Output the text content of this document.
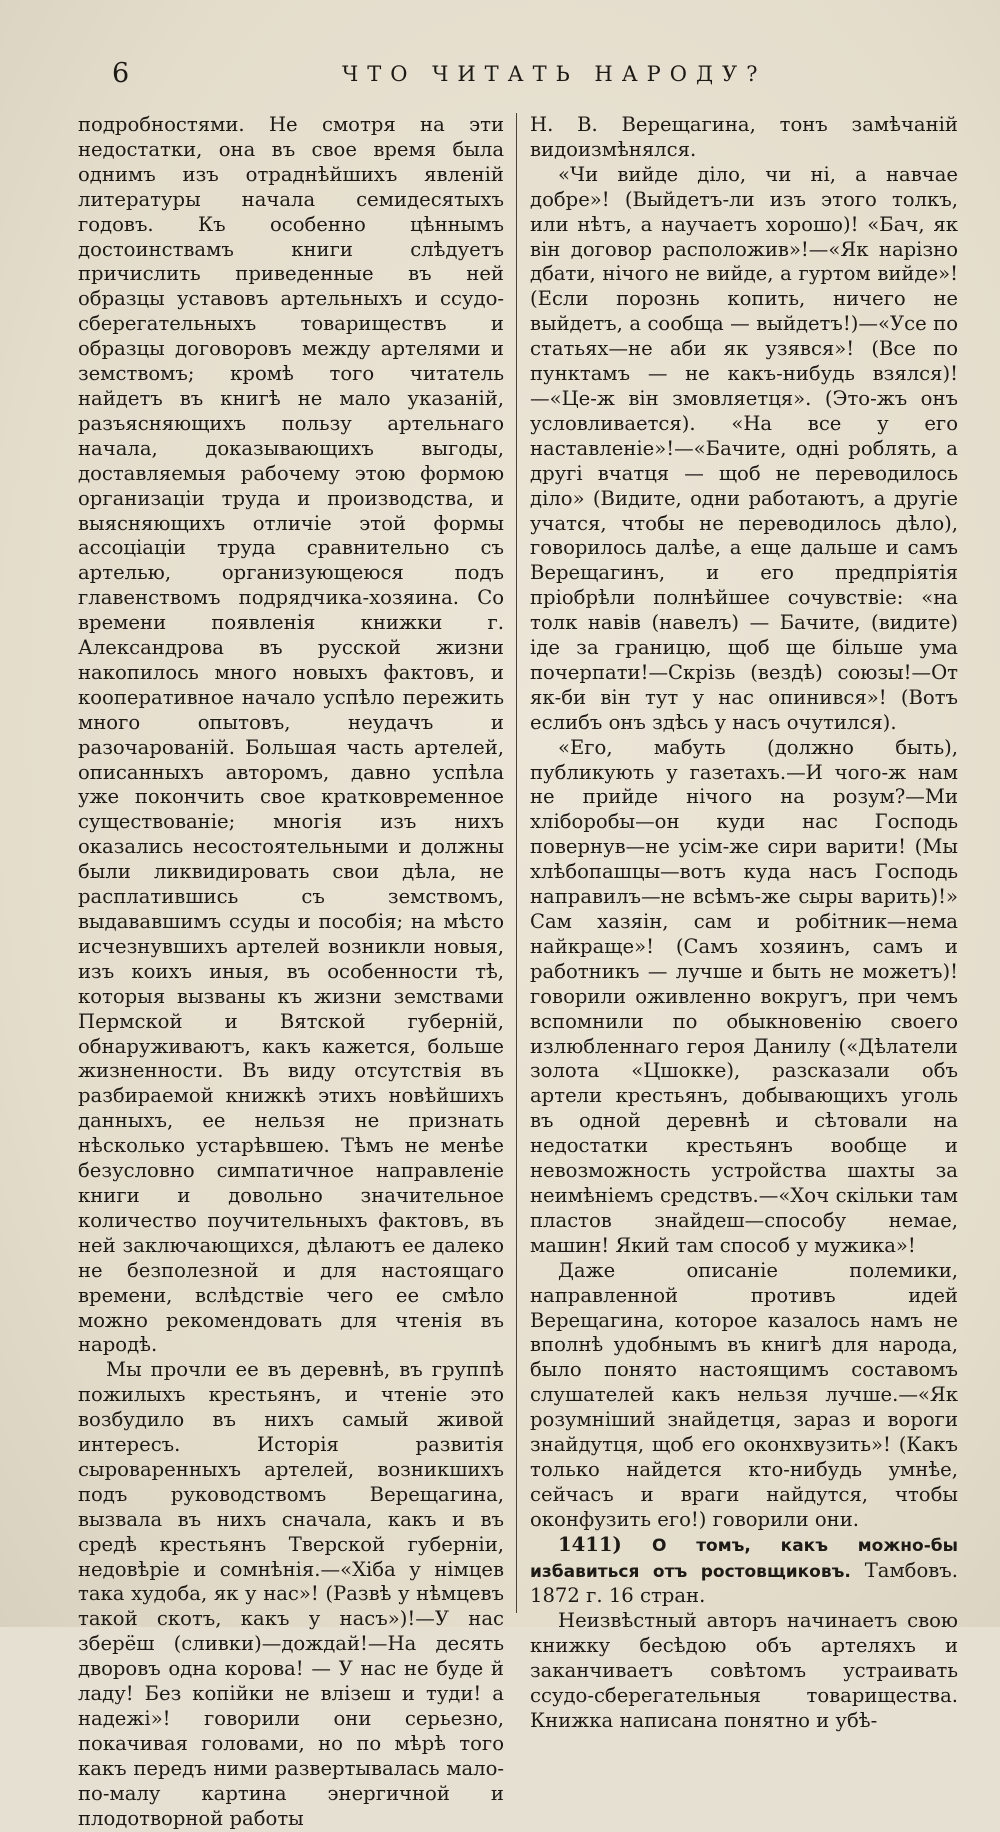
6	ЧТО ЧИТАТЬ НАРОДУ?

подробностями. Не смотря на эти недостатки, она въ свое время была однимъ изъ отраднѣйшихъ явленій литературы начала семидесятыхъ годовъ. Къ особенно цѣннымъ достоинствамъ книги слѣдуетъ причислить приведенные въ ней образцы уставовъ артельныхъ и ссудо-сберегательныхъ товариществъ и образцы договоровъ между артелями и земствомъ; кромѣ того читатель найдетъ въ книгѣ не мало указаній, разъясняющихъ пользу артельнаго начала, доказывающихъ выгоды, доставляемыя рабочему этою формою организаціи труда и производства, и выясняющихъ отличіе этой формы ассоціаціи труда сравнительно съ артелью, организующеюся подъ главенствомъ подрядчика-хозяина. Со времени появленія книжки г. Александрова въ русской жизни накопилось много новыхъ фактовъ, и кооперативное начало успѣло пережить много опытовъ, неудачъ и разочарованій. Большая часть артелей, описанныхъ авторомъ, давно успѣла уже покончить свое кратковременное существованіе; многія изъ нихъ оказались несостоятельными и должны были ликвидировать свои дѣла, не расплатившись съ земствомъ, выдававшимъ ссуды и пособія; на мѣсто исчезнувшихъ артелей возникли новыя, изъ коихъ иныя, въ особенности тѣ, которыя вызваны къ жизни земствами Пермской и Вятской губерній, обнаруживаютъ, какъ кажется, больше жизненности. Въ виду отсутствія въ разбираемой книжкѣ этихъ новѣйшихъ данныхъ, ее нельзя не признать нѣсколько устарѣвшею. Тѣмъ не менѣе безусловно симпатичное направленіе книги и довольно значительное количество поучительныхъ фактовъ, въ ней заключающихся, дѣлаютъ ее далеко не безполезной и для настоящаго времени, вслѣдствіе чего ее смѣло можно рекомендовать для чтенія въ народѣ.

Мы прочли ее въ деревнѣ, въ группѣ пожилыхъ крестьянъ, и чтеніе это возбудило въ нихъ самый живой интересъ. Исторія развитія сыроваренныхъ артелей, возникшихъ подъ руководствомъ Верещагина, вызвала въ нихъ сначала, какъ и въ средѣ крестьянъ Тверской губерніи, недовѣріе и сомнѣнія.—«Хіба у німцев така худоба, як у нас»! (Развѣ у нѣмцевъ такой скотъ, какъ у насъ»)!—У нас зберёш (сливки)—дождай!—На десять дворовъ одна корова! — У нас не буде й ладу! Без копійки не влізеш и туди! а надежі»! говорили они серьезно, покачивая головами, но по мѣрѣ того какъ передъ ними развертывалась мало-по-малу картина энергичной и плодотворной работы

Н. В. Верещагина, тонъ замѣчаній видоизмѣнялся.

«Чи вийде діло, чи ні, а навчае добре»! (Выйдетъ-ли изъ этого толкъ, или нѣтъ, а научаетъ хорошо)! «Бач, як він договор расположив»!—«Як нарізно дбати, нічого не вийде, а гуртом вийде»! (Если порознь копить, ничего не выйдетъ, а сообща — выйдетъ!)—«Усе по статьях—не аби як узявся»! (Все по пунктамъ — не какъ-нибудь взялся)!—«Це-ж він змовляетця». (Это-жъ онъ условливается). «На все у его наставленіе»!—«Бачите, одні роблять, а другі вчатця — щоб не переводилось діло» (Видите, одни работаютъ, а другіе учатся, чтобы не переводилось дѣло), говорилось далѣе, а еще дальше и самъ Верещагинъ, и его предпріятія пріобрѣли полнѣйшее сочувствіе: «на толк навів (навелъ) — Бачите, (видите) іде за границю, щоб ще більше ума почерпати!—Скрізь (вездѣ) союзы!—От як-би він тут у нас опинився»! (Вотъ еслибъ онъ здѣсь у насъ очутился).

«Его, мабуть (должно быть), публикують у газетахъ.—И чого-ж нам не прийде нічого на розум?—Ми хліборобы—он куди нас Господь повернув—не усім-же сири варити! (Мы хлѣбопашцы—вотъ куда насъ Господь направилъ—не всѣмъ-же сыры варить)!» Сам хазяін, сам и робітник—нема найкраще»! (Самъ хозяинъ, самъ и работникъ — лучше и быть не можетъ)! говорили оживленно вокругъ, при чемъ вспомнили по обыкновенію своего излюбленнаго героя Данилу («Дѣлатели золота «Цшокке), разсказали объ артели крестьянъ, добывающихъ уголь въ одной деревнѣ и сѣтовали на недостатки крестьянъ вообще и невозможность устройства шахты за неимѣніемъ средствъ.—«Хоч скільки там пластов знайдеш—способу немае, машин! Який там способ у мужика»!

Даже описаніе полемики, направленной противъ идей Верещагина, которое казалось намъ не вполнѣ удобнымъ въ книгѣ для народа, было понято настоящимъ составомъ слушателей какъ нельзя лучше.—«Як розумніший знайдетця, зараз и вороги знайдутця, щоб его оконхвузить»! (Какъ только найдется кто-нибудь умнѣе, сейчасъ и враги найдутся, чтобы оконфузить его!) говорили они.

1411) О томъ, какъ можно-бы избавиться отъ ростовщиковъ. Тамбовъ. 1872 г. 16 стран.

Неизвѣстный авторъ начинаетъ свою книжку бесѣдою объ артеляхъ и заканчиваетъ совѣтомъ устраивать ссудо-сберегательныя товарищества. Книжка написана понятно и убѣ-
